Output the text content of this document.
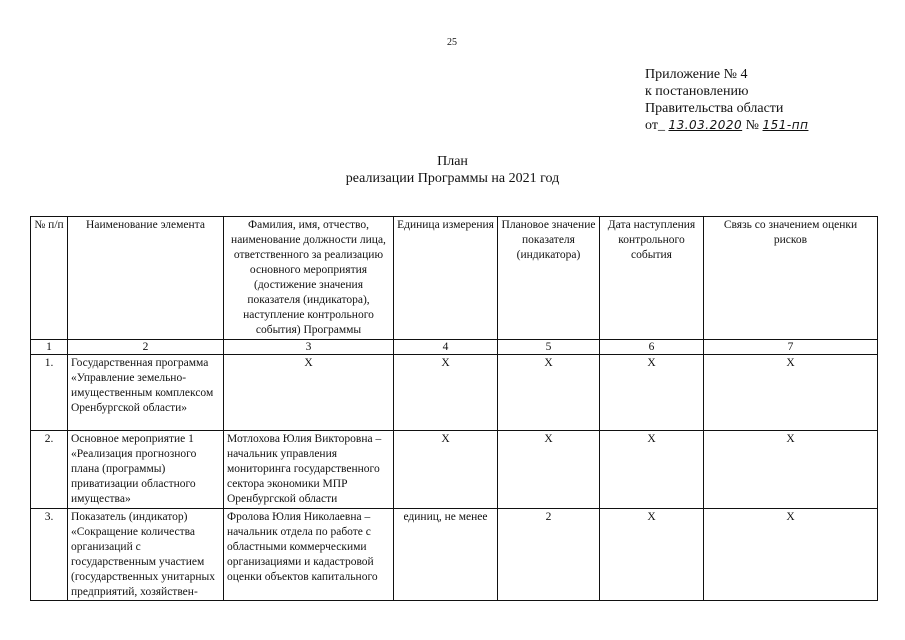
25
Приложение № 4
к постановлению
Правительства области
от_ 13.03.2020 № 151-пп
План
реализации Программы на 2021 год
№ п/п	Наименование элемента	Фамилия, имя, отчество, наименование должности лица, ответственного за реализацию основного мероприятия (достижение значения показателя (индикатора), наступление контрольного события) Программы	Единица измерения	Плановое значение показателя (индикатора)	Дата наступления контрольного события	Связь со значением оценки рисков
1	2	3	4	5	6	7
1.	Государственная программа «Управление земельно-имущественным комплексом Оренбургской области»	Х	Х	Х	Х	Х
2.	Основное мероприятие 1 «Реализация прогнозного плана (программы) приватизации областного имущества»	Мотлохова Юлия Викторовна – начальник управления мониторинга государственного сектора экономики МПР Оренбургской области	Х	Х	Х	Х

3.	Показатель (индикатор) «Сокращение количества организаций с государственным участием (государственных унитарных предприятий, хозяйствен-	Фролова Юлия Николаевна – начальник отдела по работе с областными коммерческими организациями и кадастровой оценки объектов капитального	единиц, не менее	2	Х	Х
